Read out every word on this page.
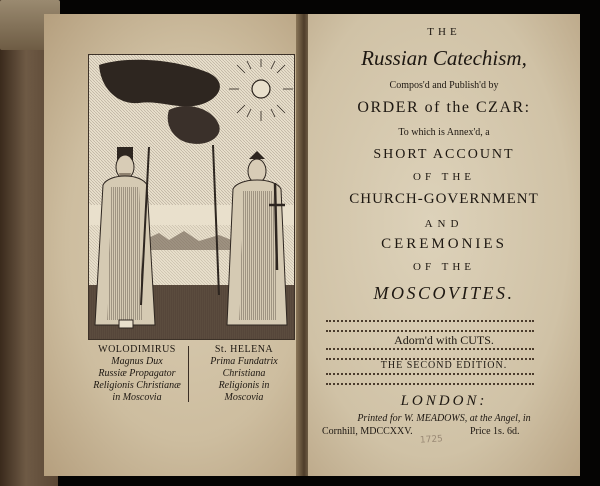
WOLODIMIRUS
Magnus Dux
Russiæ Propagator
Religionis Christianæ
in Moscovia
St. HELENA
Prima Fundatrix
Christiana
Religionis in
Moscovia
THE
Russian Catechism,
Compos'd and Publish'd by
ORDER of the CZAR:
To which is Annex'd, a
SHORT ACCOUNT
OF THE
CHURCH-GOVERNMENT
AND
CEREMONIES
OF THE
MOSCOVITES.
Adorn'd with CUTS.
THE SECOND EDITION.
LONDON:
Printed for W. MEADOWS, at the Angel, in
Cornhill, MDCCXXV.	Price 1s. 6d.
1725
